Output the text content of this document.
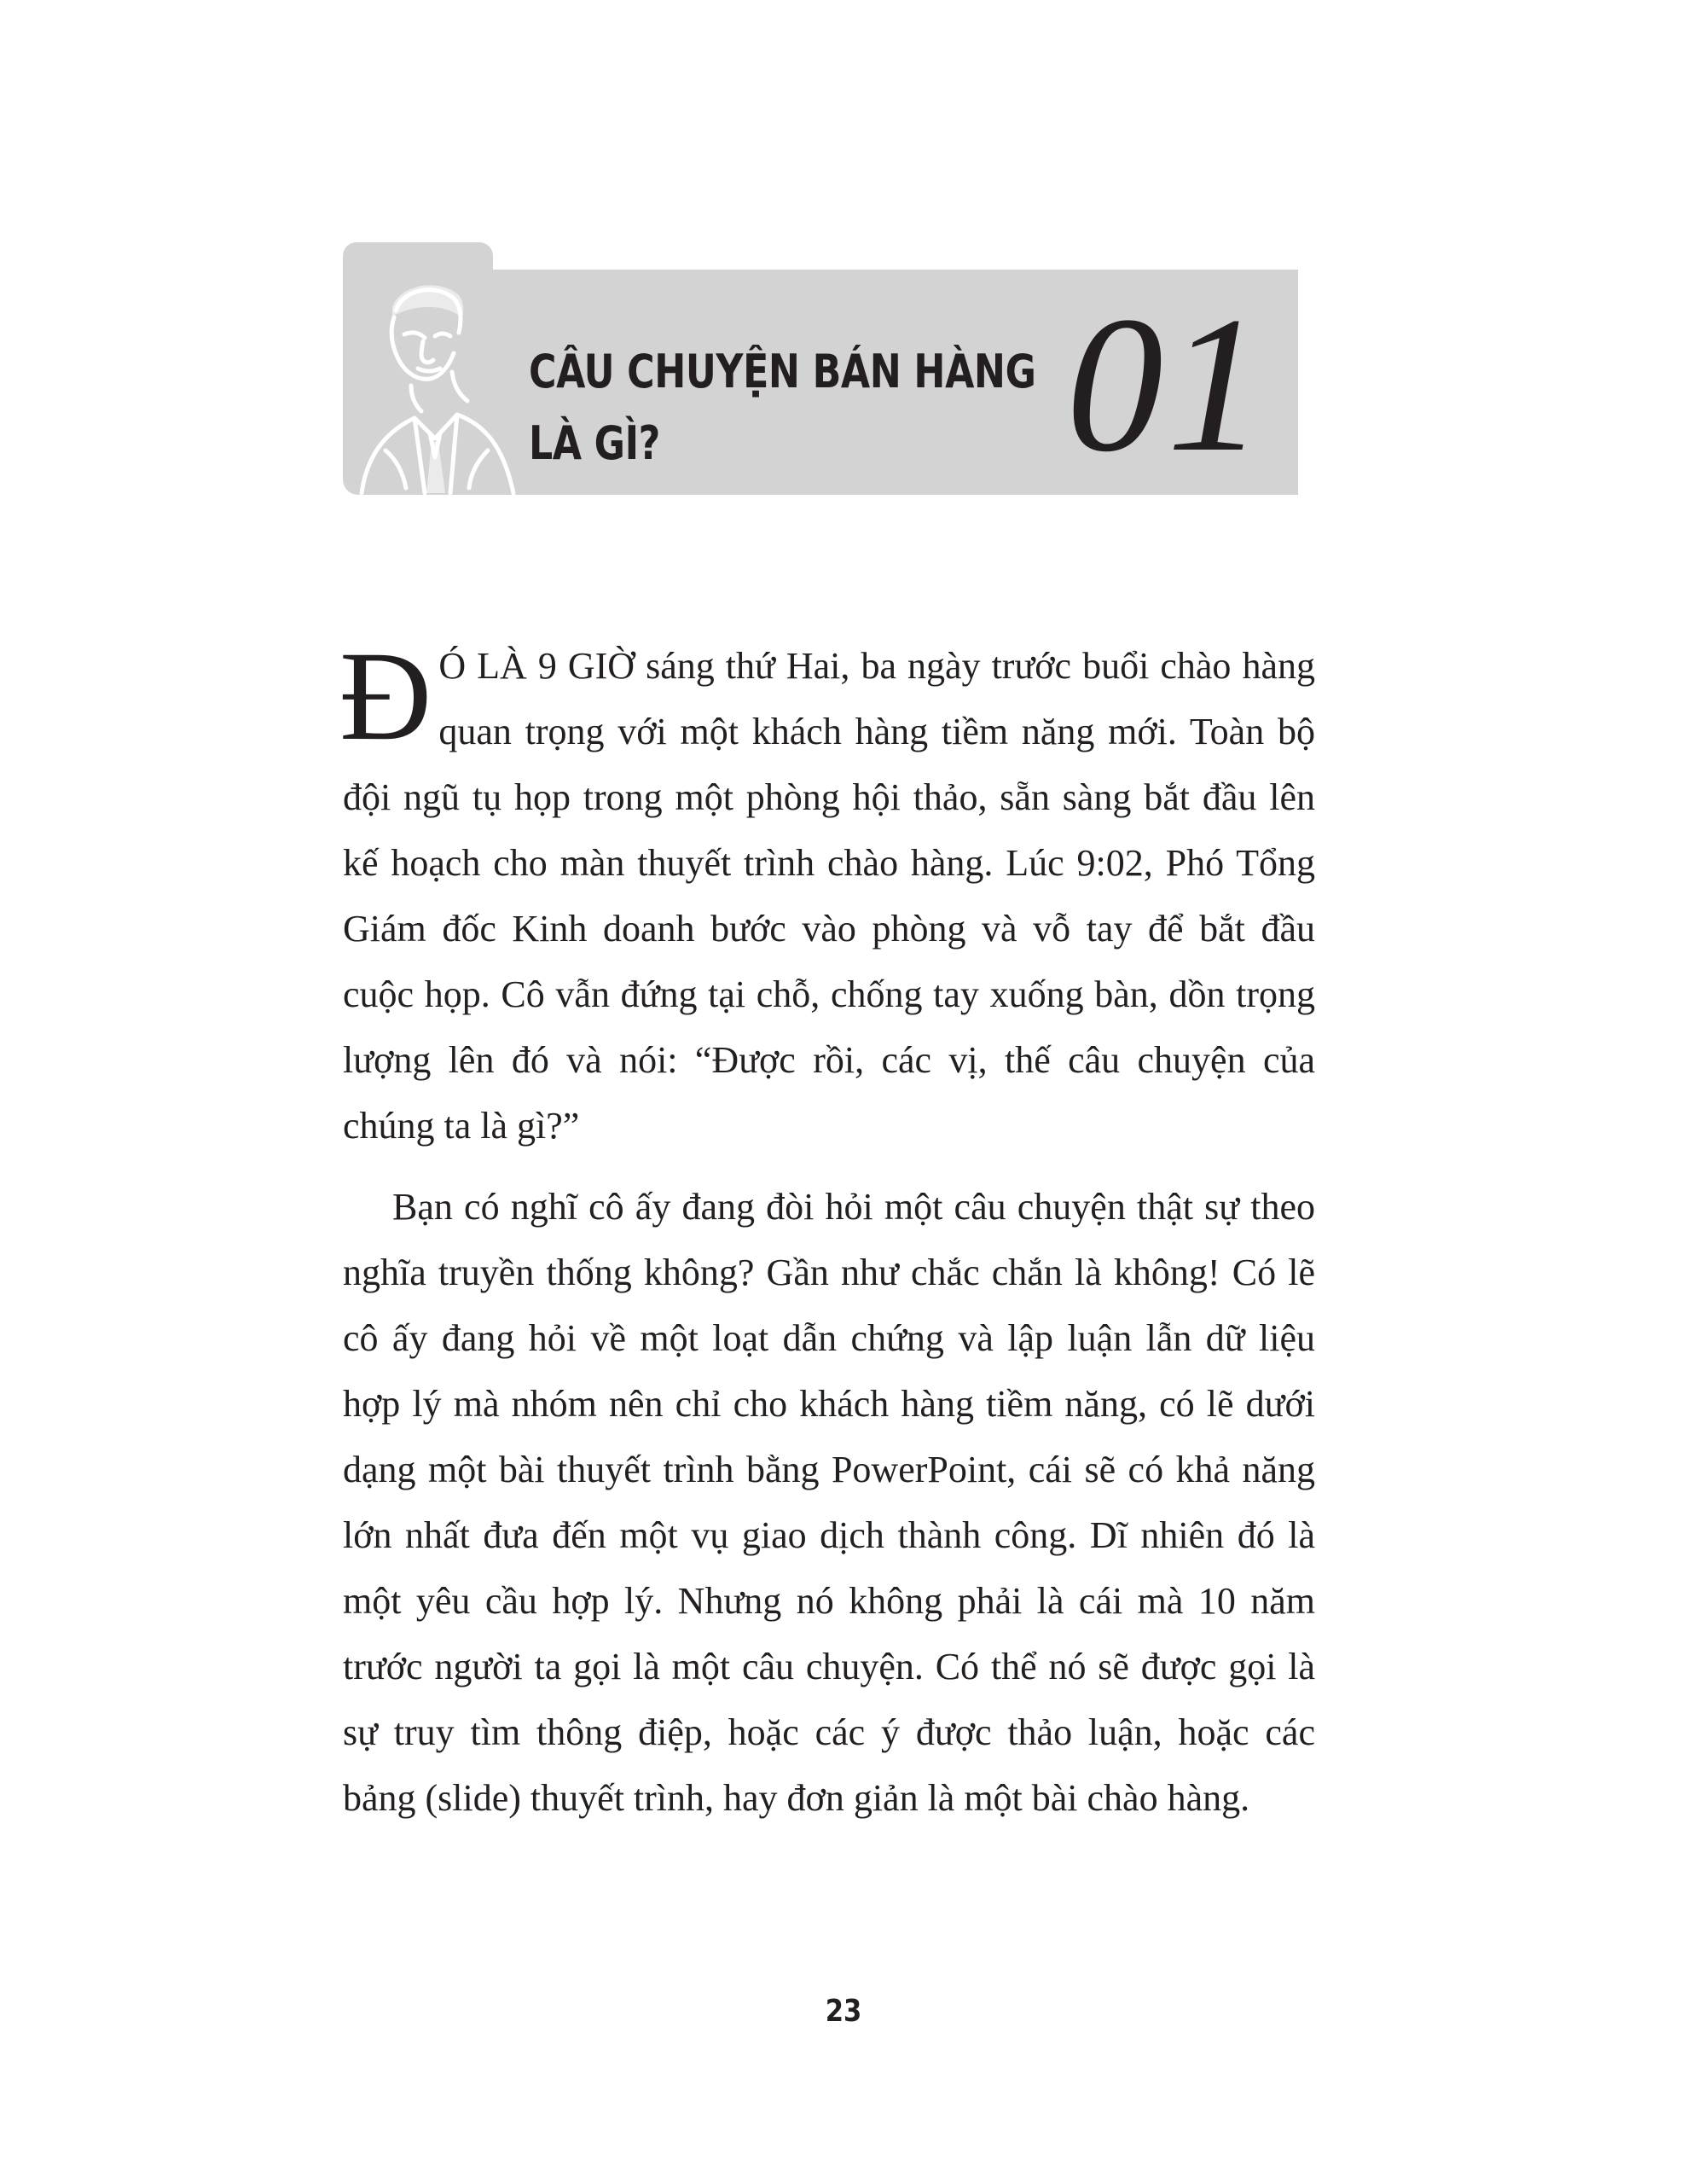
CÂU CHUYỆN BÁN HÀNG
LÀ GÌ?	01

Đ Ó LÀ 9 GIỜ sáng thứ Hai, ba ngày trước buổi chào hàng quan trọng với một khách hàng tiềm năng mới. Toàn bộ đội ngũ tụ họp trong một phòng hội thảo, sẵn sàng bắt đầu lên kế hoạch cho màn thuyết trình chào hàng. Lúc 9:02, Phó Tổng Giám đốc Kinh doanh bước vào phòng và vỗ tay để bắt đầu cuộc họp. Cô vẫn đứng tại chỗ, chống tay xuống bàn, dồn trọng lượng lên đó và nói: “Được rồi, các vị, thế câu chuyện của chúng ta là gì?”

Bạn có nghĩ cô ấy đang đòi hỏi một câu chuyện thật sự theo nghĩa truyền thống không? Gần như chắc chắn là không! Có lẽ cô ấy đang hỏi về một loạt dẫn chứng và lập luận lẫn dữ liệu hợp lý mà nhóm nên chỉ cho khách hàng tiềm năng, có lẽ dưới dạng một bài thuyết trình bằng PowerPoint, cái sẽ có khả năng lớn nhất đưa đến một vụ giao dịch thành công. Dĩ nhiên đó là một yêu cầu hợp lý. Nhưng nó không phải là cái mà 10 năm trước người ta gọi là một câu chuyện. Có thể nó sẽ được gọi là sự truy tìm thông điệp, hoặc các ý được thảo luận, hoặc các bảng (slide) thuyết trình, hay đơn giản là một bài chào hàng.

23
